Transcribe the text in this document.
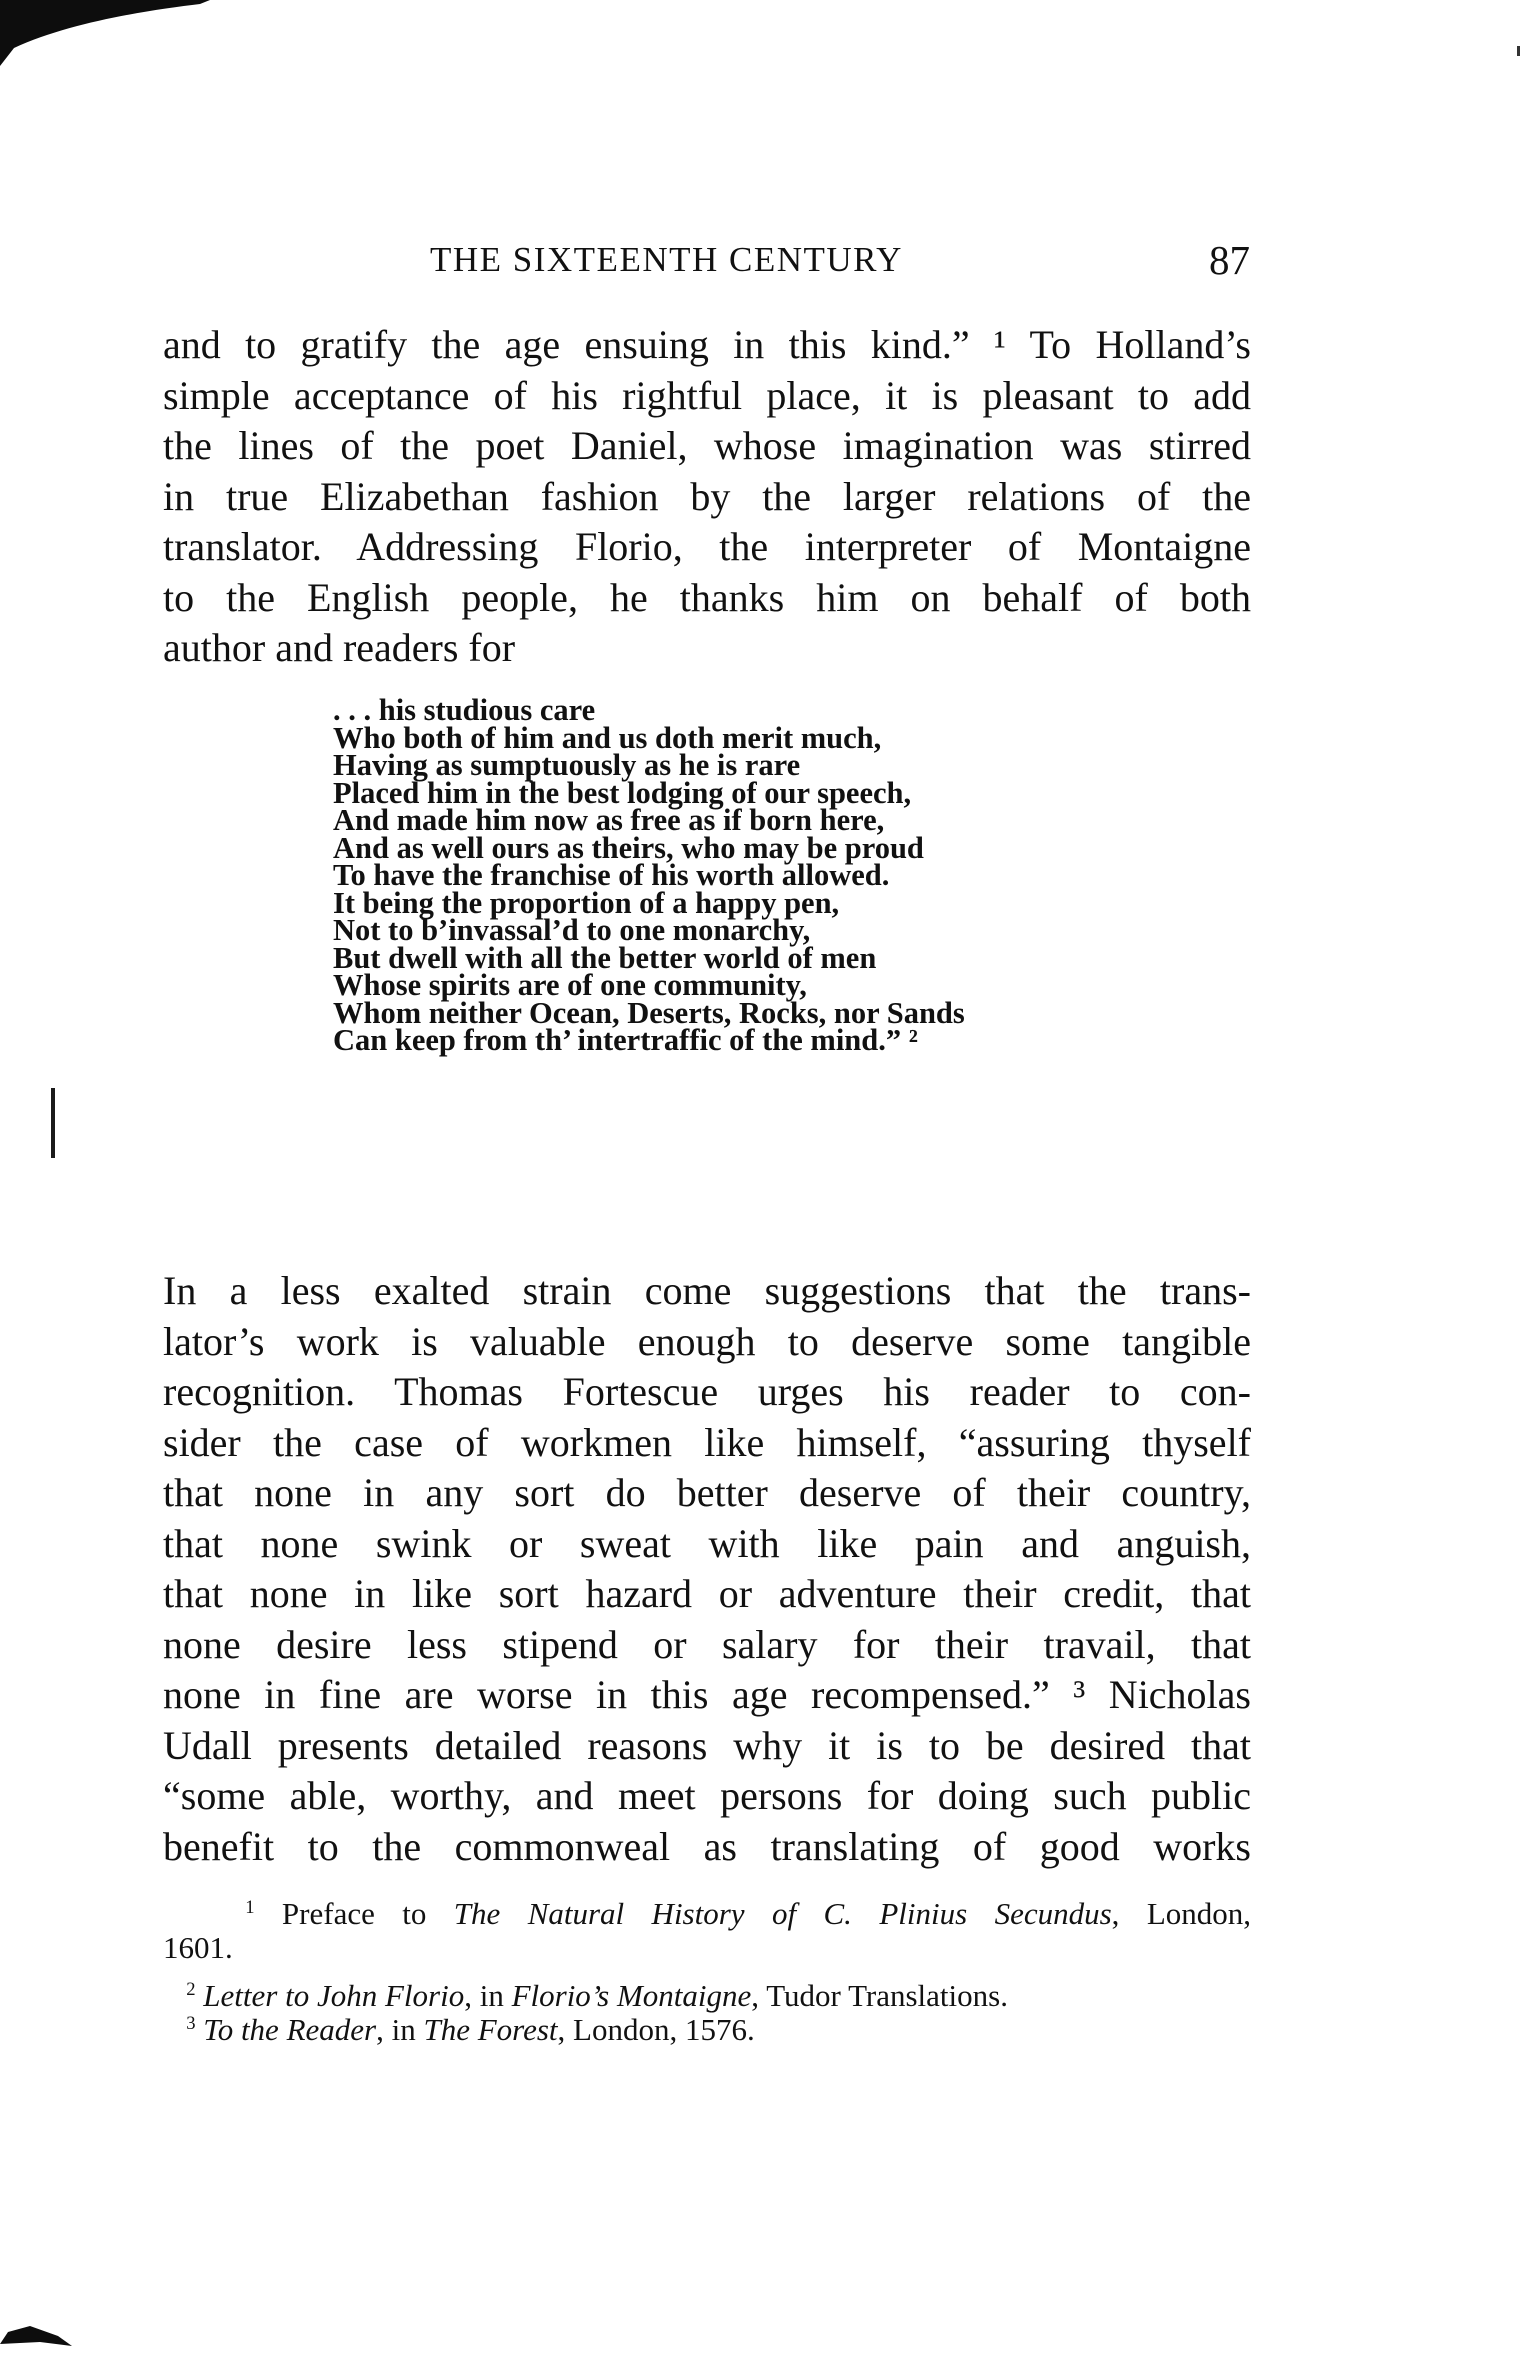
THE SIXTEENTH CENTURY	87
and to gratify the age ensuing in this kind.” ¹ To Holland’s
simple acceptance of his rightful place, it is pleasant to add
the lines of the poet Daniel, whose imagination was stirred
in true Elizabethan fashion by the larger relations of the
translator. Addressing Florio, the interpreter of Montaigne
to the English people, he thanks him on behalf of both
author and readers for
. . . his studious care
Who both of him and us doth merit much,
Having as sumptuously as he is rare
Placed him in the best lodging of our speech,
And made him now as free as if born here,
And as well ours as theirs, who may be proud
To have the franchise of his worth allowed.
It being the proportion of a happy pen,
Not to b’invassal’d to one monarchy,
But dwell with all the better world of men
Whose spirits are of one community,
Whom neither Ocean, Deserts, Rocks, nor Sands
Can keep from th’ intertraffic of the mind.” ²
In a less exalted strain come suggestions that the trans-
lator’s work is valuable enough to deserve some tangible
recognition. Thomas Fortescue urges his reader to con-
sider the case of workmen like himself, “assuring thyself
that none in any sort do better deserve of their country,
that none swink or sweat with like pain and anguish,
that none in like sort hazard or adventure their credit, that
none desire less stipend or salary for their travail, that
none in fine are worse in this age recompensed.” ³ Nicholas
Udall presents detailed reasons why it is to be desired that
“some able, worthy, and meet persons for doing such public
benefit to the commonweal as translating of good works
$^1$ Preface to The Natural History of C. Plinius Secundus, London,
1601.
$^2$ Letter to John Florio, in Florio’s Montaigne, Tudor Translations.
$^3$ To the Reader, in The Forest, London, 1576.
